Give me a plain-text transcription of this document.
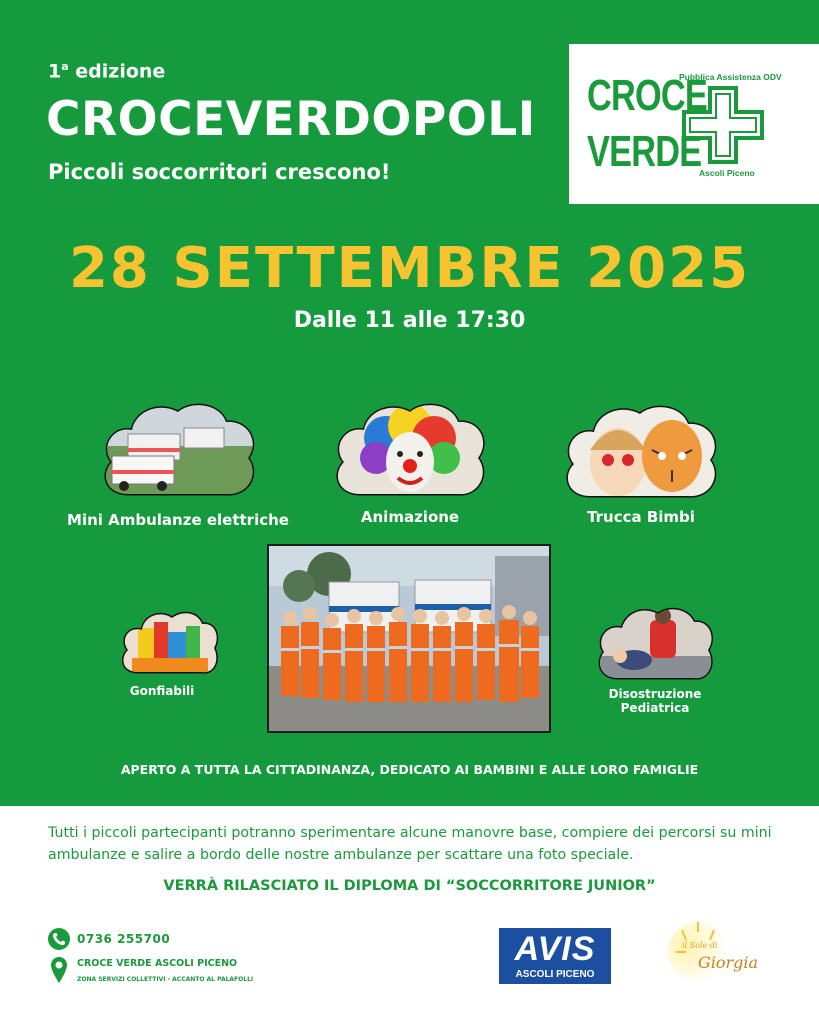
1$^a$ edizione
CROCEVERDOPOLI
Piccoli soccorritori crescono!
CROCE
VERDE
Pubblica Assistenza ODV
Ascoli Piceno
28 SETTEMBRE 2025
Dalle 11 alle 17:30
Mini Ambulanze elettriche	Animazione	Trucca Bimbi
Gonfiabili	Disostruzione Pediatrica
APERTO A TUTTA LA CITTADINANZA, DEDICATO AI BAMBINI E ALLE LORO FAMIGLIE
Tutti i piccoli partecipanti potranno sperimentare alcune manovre base, compiere dei percorsi su mini ambulanze e salire a bordo delle nostre ambulanze per scattare una foto speciale.
VERRÀ RILASCIATO IL DIPLOMA DI “SOCCORRITORE JUNIOR”
0736 255700
CROCE VERDE ASCOLI PICENO
ZONA SERVIZI COLLETTIVI - ACCANTO AL PALAFOLLI
AVIS
ASCOLI PICENO
il Sole di
Giorgia
